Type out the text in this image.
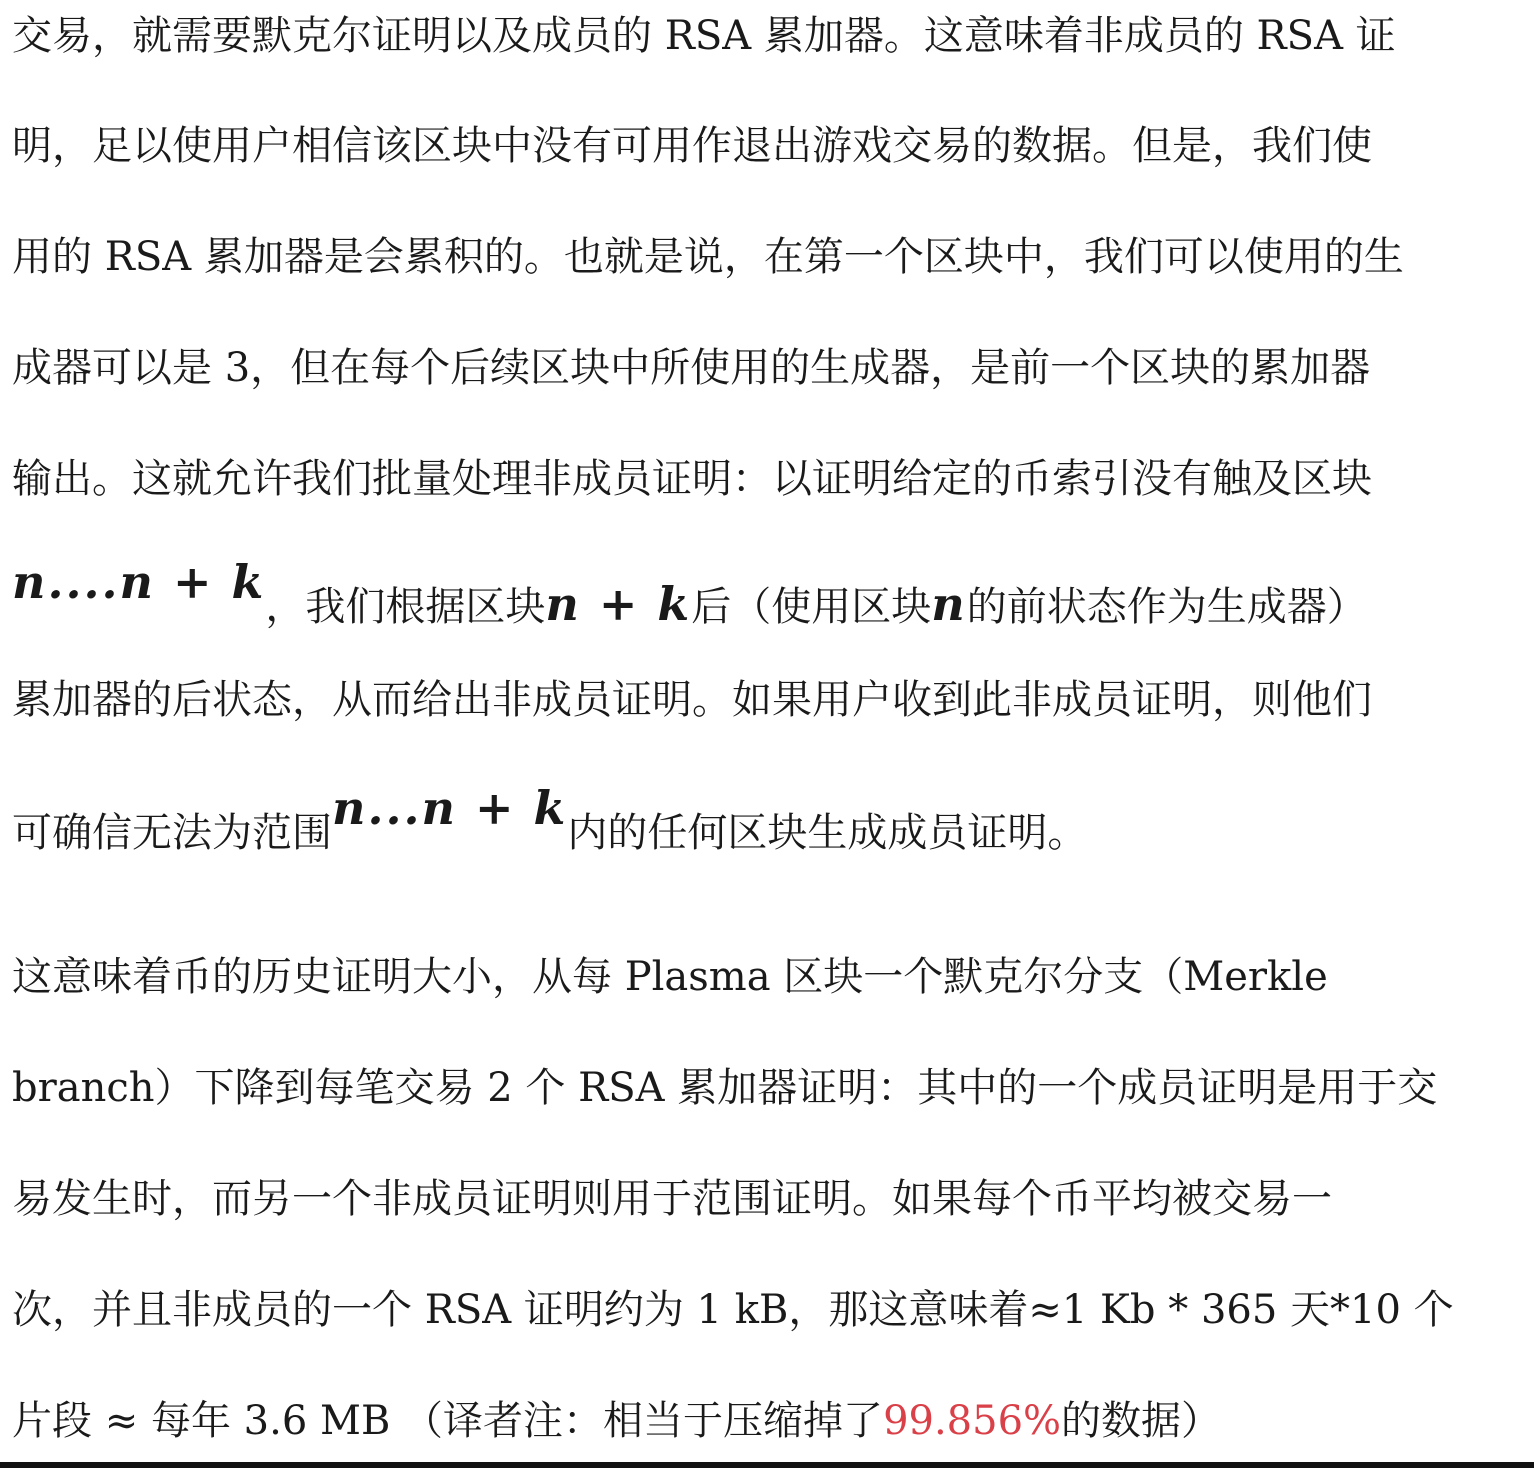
交易，就需要默克尔证明以及成员的 RSA 累加器。这意味着非成员的 RSA 证
明，足以使用户相信该区块中没有可用作退出游戏交易的数据。但是，我们使
用的 RSA 累加器是会累积的。也就是说，在第一个区块中，我们可以使用的生
成器可以是 3，但在每个后续区块中所使用的生成器，是前一个区块的累加器
输出。这就允许我们批量处理非成员证明：以证明给定的币索引没有触及区块
n....n + k，我们根据区块n + k后（使用区块n的前状态作为生成器）
累加器的后状态，从而给出非成员证明。如果用户收到此非成员证明，则他们
可确信无法为范围n...n + k内的任何区块生成成员证明。
这意味着币的历史证明大小，从每 Plasma 区块一个默克尔分支（Merkle
branch）下降到每笔交易 2 个 RSA 累加器证明：其中的一个成员证明是用于交
易发生时，而另一个非成员证明则用于范围证明。如果每个币平均被交易一
次，并且非成员的一个 RSA 证明约为 1 kB，那这意味着≈1 Kb * 365 天*10 个
片段 ≈ 每年 3.6 MB （译者注：相当于压缩掉了99.856%的数据）
